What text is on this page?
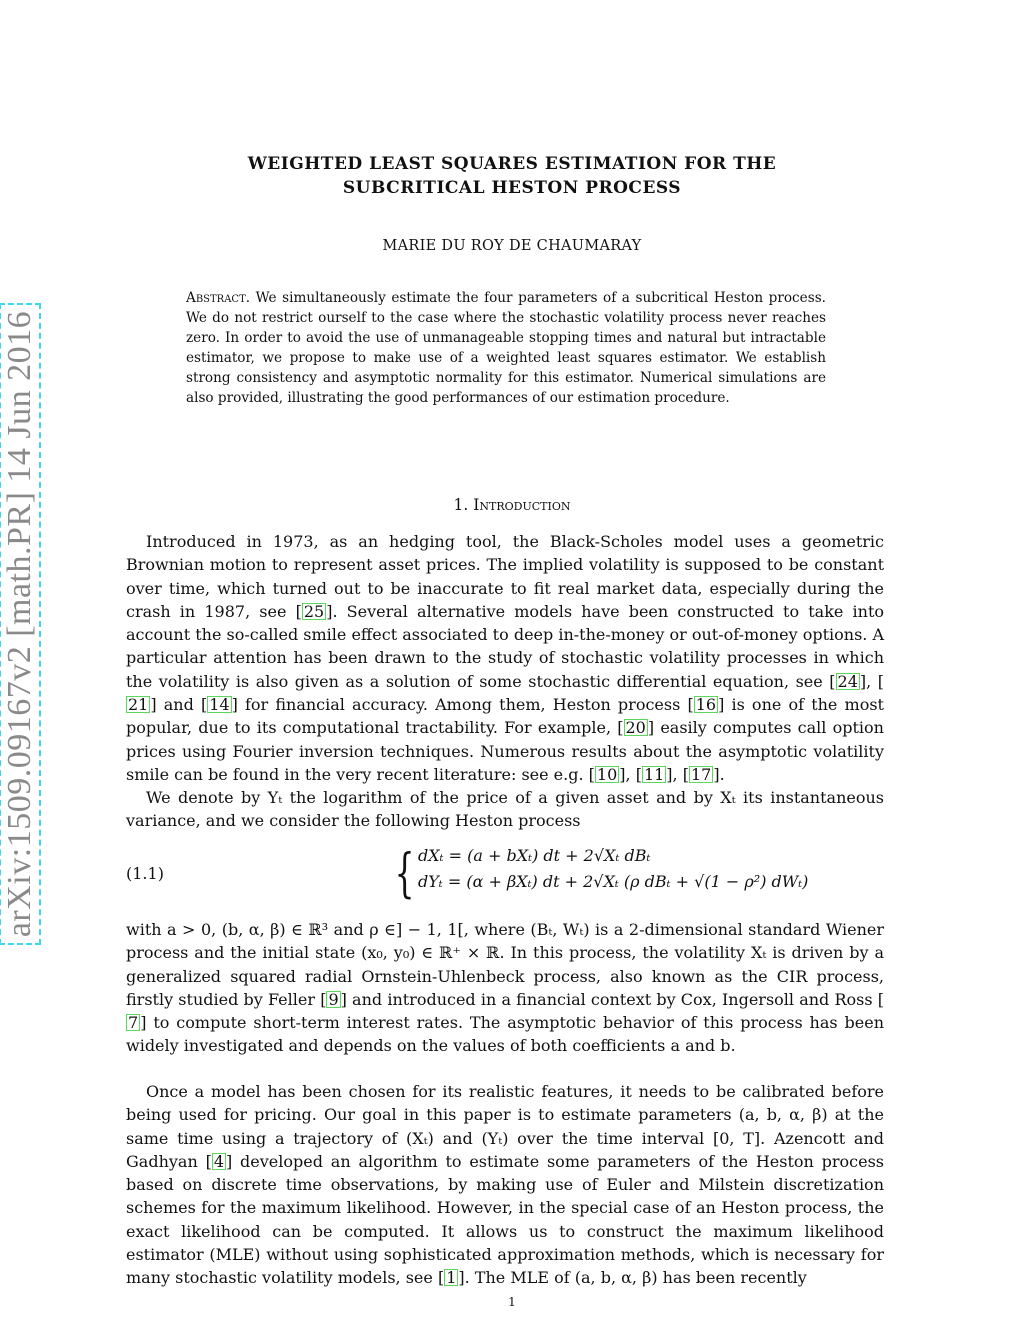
arXiv:1509.09167v2 [math.PR] 14 Jun 2016
WEIGHTED LEAST SQUARES ESTIMATION FOR THE
SUBCRITICAL HESTON PROCESS
MARIE DU ROY DE CHAUMARAY
Abstract. We simultaneously estimate the four parameters of a subcritical Heston process. We do not restrict ourself to the case where the stochastic volatility process never reaches zero. In order to avoid the use of unmanageable stopping times and natural but intractable estimator, we propose to make use of a weighted least squares estimator. We establish strong consistency and asymptotic normality for this estimator. Numerical simulations are also provided, illustrating the good performances of our estimation procedure.
1. Introduction

Introduced in 1973, as an hedging tool, the Black-Scholes model uses a geometric Brownian motion to represent asset prices. The implied volatility is supposed to be constant over time, which turned out to be inaccurate to fit real market data, especially during the crash in 1987, see [ 25 ]. Several alternative models have been constructed to take into account the so-called smile effect associated to deep in-the-money or out-of-money options. A particular attention has been drawn to the study of stochastic volatility processes in which the volatility is also given as a solution of some stochastic differential equation, see [ 24 ], [21 ] and [ 14 ] for financial accuracy. Among them, Heston process [ 16 ] is one of the most popular, due to its computational tractability. For example, [ 20 ] easily computes call option prices using Fourier inversion techniques. Numerous results about the asymptotic volatility smile can be found in the very recent literature: see e.g. [ 10 ], [ 11 ], [ 17 ].

We denote by Yₜ the logarithm of the price of a given asset and by Xₜ its instantaneous variance, and we consider the following Heston process

(1.1)	{ dXₜ = (a + bXₜ) dt + 2√Xₜ dBₜ
dYₜ = (α + βXₜ) dt + 2√Xₜ (ρ dBₜ + √(1 − ρ²) dWₜ)

with a > 0, (b, α, β) ∈ ℝ³ and ρ ∈] − 1, 1[, where (Bₜ, Wₜ) is a 2-dimensional standard Wiener process and the initial state (x₀, y₀) ∈ ℝ⁺ × ℝ. In this process, the volatility Xₜ is driven by a generalized squared radial Ornstein-Uhlenbeck process, also known as the CIR process, firstly studied by Feller [ 9 ] and introduced in a financial context by Cox, Ingersoll and Ross [7 ] to compute short-term interest rates. The asymptotic behavior of this process has been widely investigated and depends on the values of both coefficients a and b.

Once a model has been chosen for its realistic features, it needs to be calibrated before being used for pricing. Our goal in this paper is to estimate parameters (a, b, α, β) at the same time using a trajectory of (Xₜ) and (Yₜ) over the time interval [0, T]. Azencott and Gadhyan [ 4 ] developed an algorithm to estimate some parameters of the Heston process based on discrete time observations, by making use of Euler and Milstein discretization schemes for the maximum likelihood. However, in the special case of an Heston process, the exact likelihood can be computed. It allows us to construct the maximum likelihood estimator (MLE) without using sophisticated approximation methods, which is necessary for many stochastic volatility models, see [ 1 ]. The MLE of (a, b, α, β) has been recently

1
